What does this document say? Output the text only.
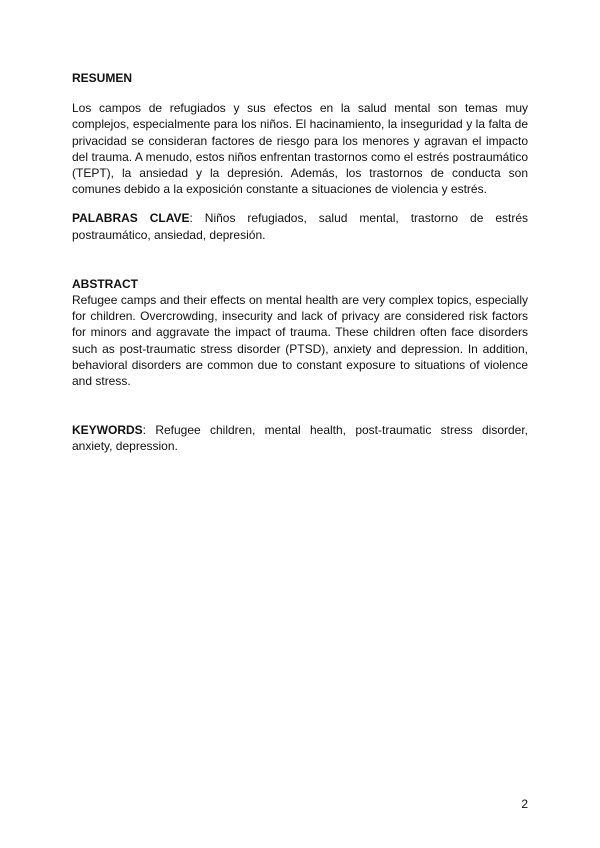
RESUMEN

Los campos de refugiados y sus efectos en la salud mental son temas muy complejos, especialmente para los niños. El hacinamiento, la inseguridad y la falta de privacidad se consideran factores de riesgo para los menores y agravan el impacto del trauma. A menudo, estos niños enfrentan trastornos como el estrés postraumático (TEPT), la ansiedad y la depresión. Además, los trastornos de conducta son comunes debido a la exposición constante a situaciones de violencia y estrés.

PALABRAS CLAVE: Niños refugiados, salud mental, trastorno de estrés postraumático, ansiedad, depresión.

ABSTRACT

Refugee camps and their effects on mental health are very complex topics, especially for children. Overcrowding, insecurity and lack of privacy are considered risk factors for minors and aggravate the impact of trauma. These children often face disorders such as post-traumatic stress disorder (PTSD), anxiety and depression. In addition, behavioral disorders are common due to constant exposure to situations of violence and stress.

KEYWORDS: Refugee children, mental health, post-traumatic stress disorder, anxiety, depression.

2
